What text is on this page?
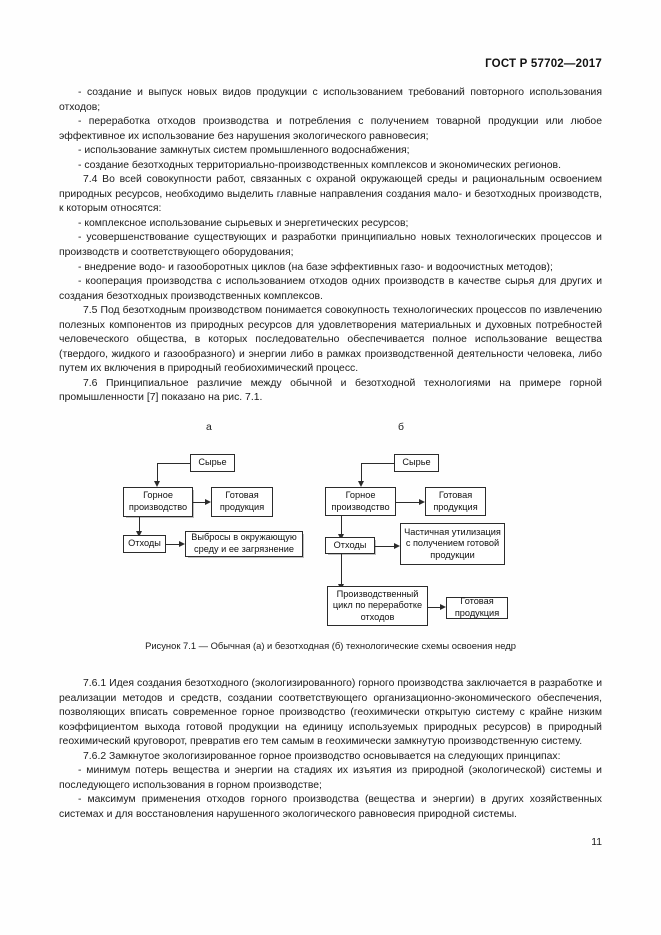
ГОСТ Р 57702—2017

- создание и выпуск новых видов продукции с использованием требований повторного использования отходов;

- переработка отходов производства и потребления с получением товарной продукции или любое эффективное их использование без нарушения экологического равновесия;

- использование замкнутых систем промышленного водоснабжения;

- создание безотходных территориально-производственных комплексов и экономических регионов.

7.4 Во всей совокупности работ, связанных с охраной окружающей среды и рациональным освоением природных ресурсов, необходимо выделить главные направления создания мало- и безотходных производств, к которым относятся:

- комплексное использование сырьевых и энергетических ресурсов;

- усовершенствование существующих и разработки принципиально новых технологических процессов и производств и соответствующего оборудования;

- внедрение водо- и газооборотных циклов (на базе эффективных газо- и водоочистных методов);

- кооперация производства с использованием отходов одних производств в качестве сырья для других и создания безотходных производственных комплексов.

7.5 Под безотходным производством понимается совокупность технологических процессов по извлечению полезных компонентов из природных ресурсов для удовлетворения материальных и духовных потребностей человеческого общества, в которых последовательно обеспечивается полное использование вещества (твердого, жидкого и газообразного) и энергии либо в рамках производственной деятельности человека, либо путем их включения в природный геобиохимический процесс.

7.6 Принципиальное различие между обычной и безотходной технологиями на примере горной промышленности [7] показано на рис. 7.1.

а	б
Сырье
Горное производство
Готовая продукция
Отходы
Выбросы в окружающую среду и ее загрязнение
Сырье
Горное производство
Готовая продукция
Отходы
Частичная утилизация с получением готовой продукции
Производственный цикл по переработке отходов
Готовая продукция
Рисунок 7.1 — Обычная (а) и безотходная (б) технологические схемы освоения недр

7.6.1 Идея создания безотходного (экологизированного) горного производства заключается в разработке и реализации методов и средств, создании соответствующего организационно-экономического обеспечения, позволяющих вписать современное горное производство (геохимически открытую систему с крайне низким коэффициентом выхода готовой продукции на единицу используемых природных ресурсов) в природный геохимический круговорот, превратив его тем самым в геохимически замкнутую производственную систему.

7.6.2 Замкнутое экологизированное горное производство основывается на следующих принципах:

- минимум потерь вещества и энергии на стадиях их изъятия из природной (экологической) системы и последующего использования в горном производстве;

- максимум применения отходов горного производства (вещества и энергии) в других хозяйственных системах и для восстановления нарушенного экологического равновесия природной системы.

11
